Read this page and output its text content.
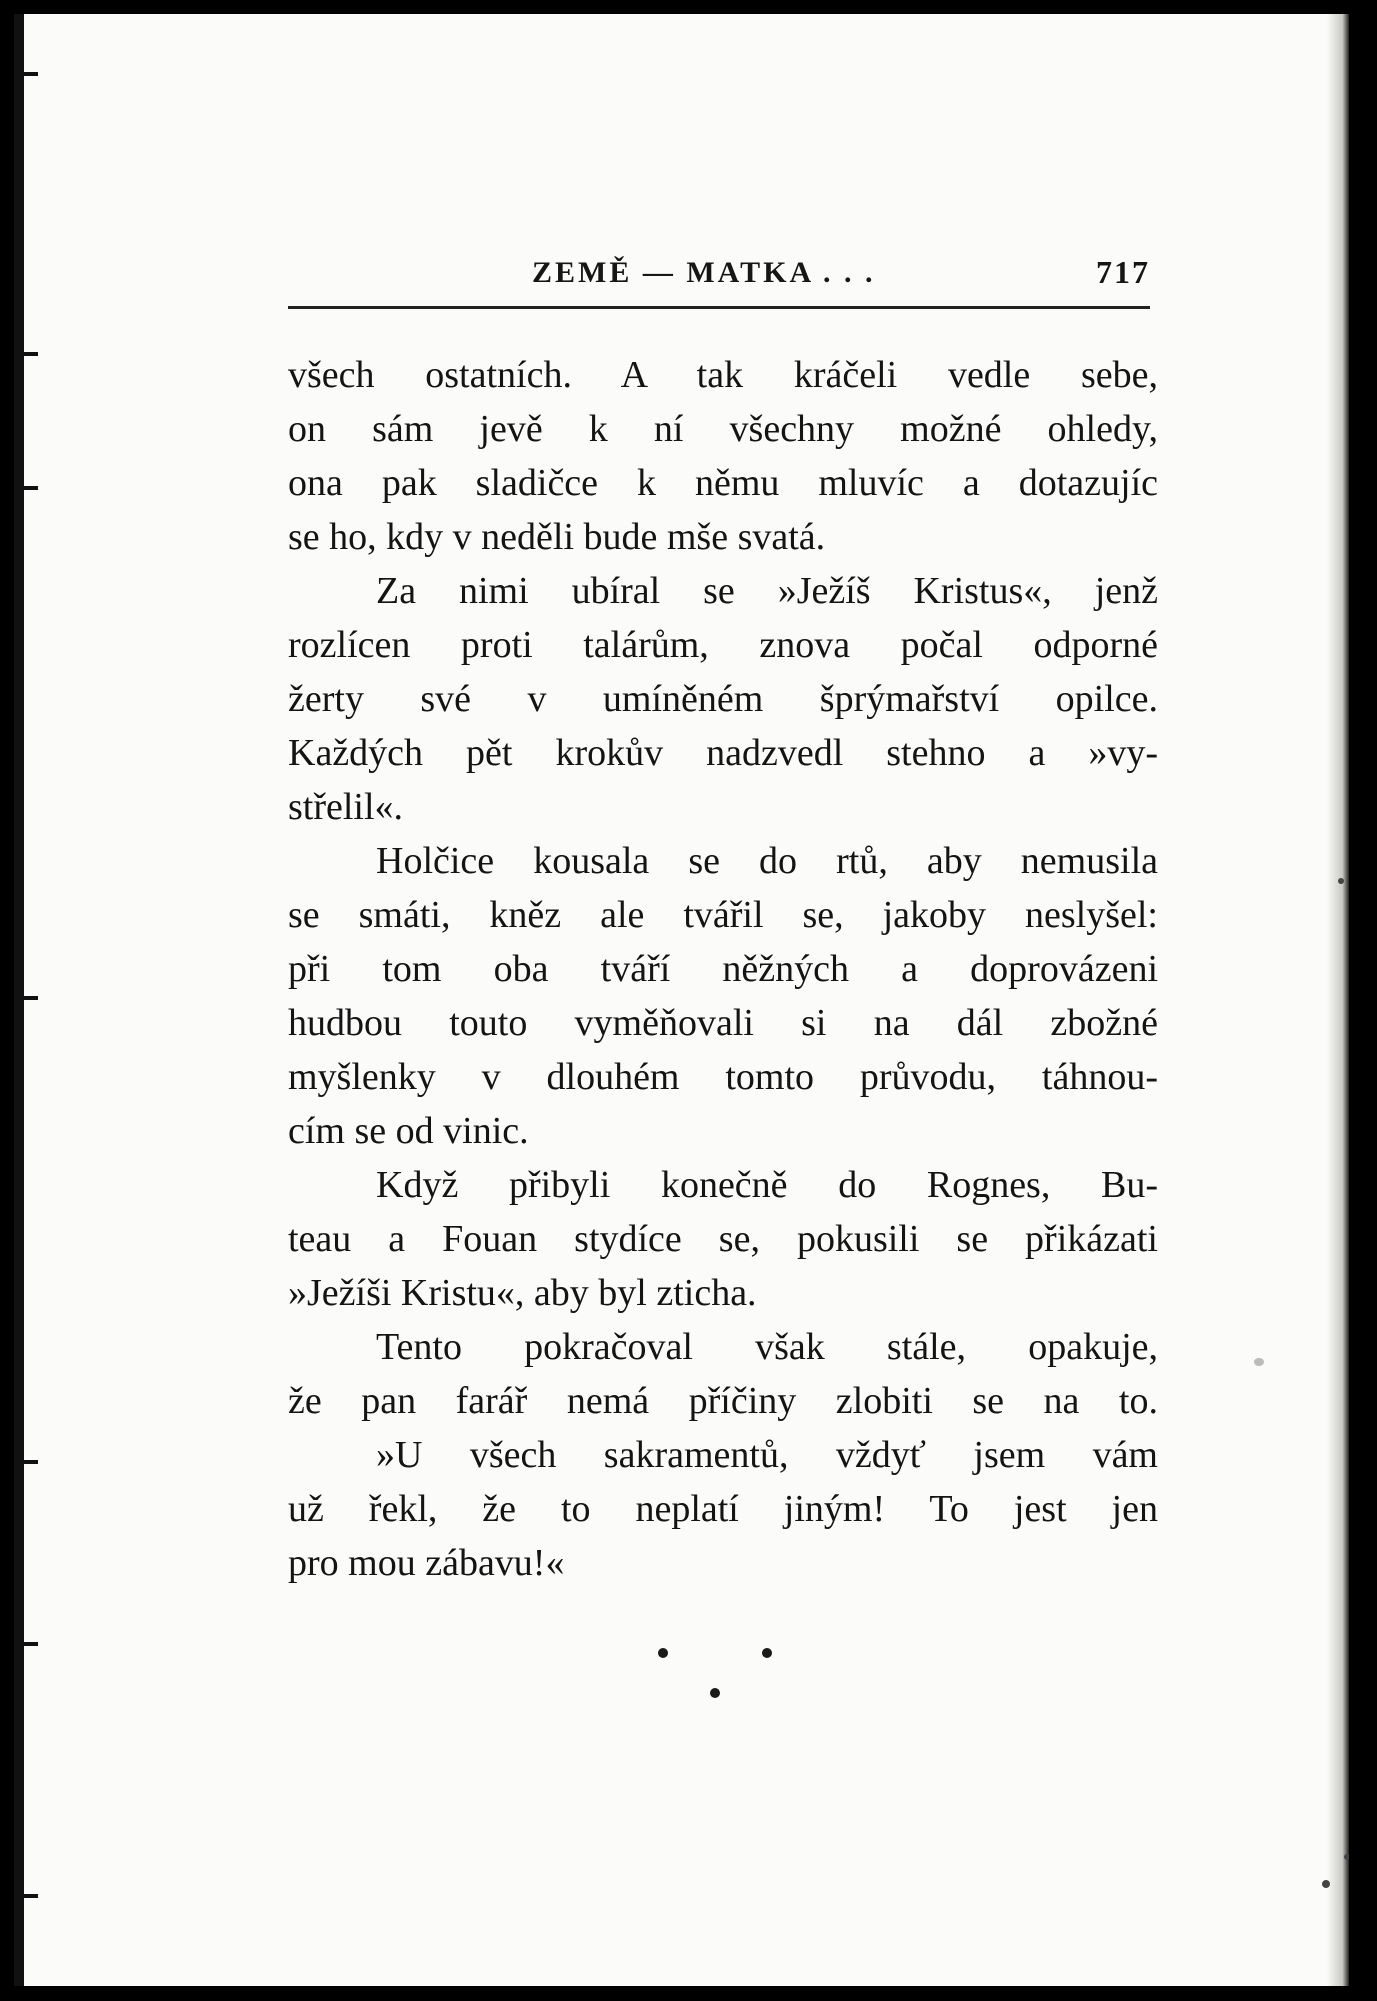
ZEMĚ — MATKA . . .	717
všech ostatních. A tak kráčeli vedle sebe,
on sám jevě k ní všechny možné ohledy,
ona pak sladičce k němu mluvíc a dotazujíc
se ho, kdy v neděli bude mše svatá.
Za nimi ubíral se »Ježíš Kristus«, jenž
rozlícen proti talárům, znova počal odporné
žerty své v umíněném šprýmařství opilce.
Každých pět krokův nadzvedl stehno a »vy-
střelil«.
Holčice kousala se do rtů, aby nemusila
se smáti, kněz ale tvářil se, jakoby neslyšel:
při tom oba tváří něžných a doprovázeni
hudbou touto vyměňovali si na dál zbožné
myšlenky v dlouhém tomto průvodu, táhnou-
cím se od vinic.
Když přibyli konečně do Rognes, Bu-
teau a Fouan stydíce se, pokusili se přikázati
»Ježíši Kristu«, aby byl zticha.
Tento pokračoval však stále, opakuje,
že pan farář nemá příčiny zlobiti se na to.
»U všech sakramentů, vždyť jsem vám
už řekl, že to neplatí jiným! To jest jen
pro mou zábavu!«
